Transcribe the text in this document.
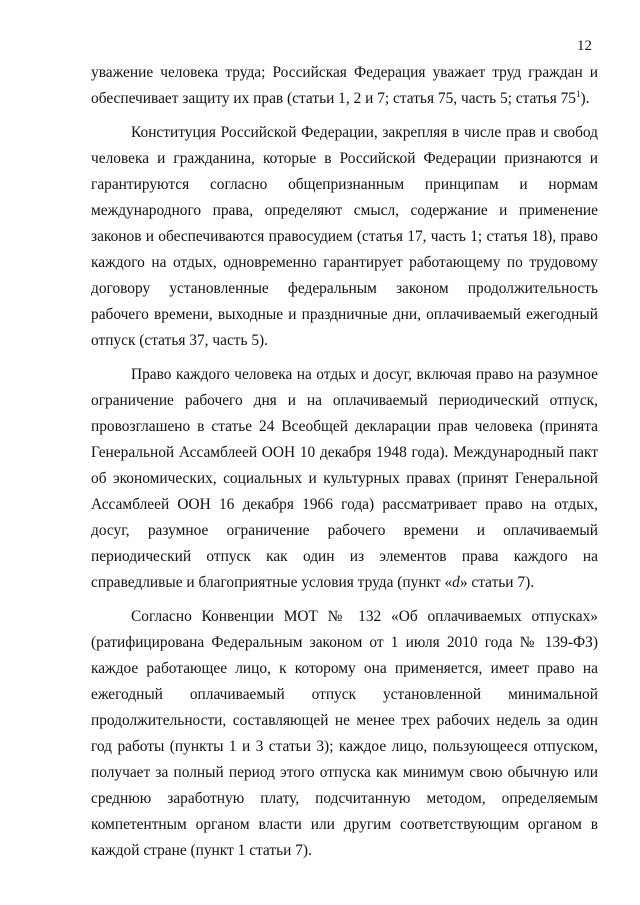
12

уважение человека труда; Российская Федерация уважает труд граждан и обеспечивает защиту их прав (статьи 1, 2 и 7; статья 75, часть 5; статья $75^1$).

Конституция Российской Федерации, закрепляя в числе прав и свобод человека и гражданина, которые в Российской Федерации признаются и гарантируются согласно общепризнанным принципам и нормам международного права, определяют смысл, содержание и применение законов и обеспечиваются правосудием (статья 17, часть 1; статья 18), право каждого на отдых, одновременно гарантирует работающему по трудовому договору установленные федеральным законом продолжительность рабочего времени, выходные и праздничные дни, оплачиваемый ежегодный отпуск (статья 37, часть 5).

Право каждого человека на отдых и досуг, включая право на разумное ограничение рабочего дня и на оплачиваемый периодический отпуск, провозглашено в статье 24 Всеобщей декларации прав человека (принята Генеральной Ассамблеей ООН 10 декабря 1948 года). Международный пакт об экономических, социальных и культурных правах (принят Генеральной Ассамблеей ООН 16 декабря 1966 года) рассматривает право на отдых, досуг, разумное ограничение рабочего времени и оплачиваемый периодический отпуск как один из элементов права каждого на справедливые и благоприятные условия труда (пункт «d» статьи 7).

Согласно Конвенции МОТ № 132 «Об оплачиваемых отпусках» (ратифицирована Федеральным законом от 1 июля 2010 года № 139-ФЗ) каждое работающее лицо, к которому она применяется, имеет право на ежегодный оплачиваемый отпуск установленной минимальной продолжительности, составляющей не менее трех рабочих недель за один год работы (пункты 1 и 3 статьи 3); каждое лицо, пользующееся отпуском, получает за полный период этого отпуска как минимум свою обычную или среднюю заработную плату, подсчитанную методом, определяемым компетентным органом власти или другим соответствующим органом в каждой стране (пункт 1 статьи 7).
